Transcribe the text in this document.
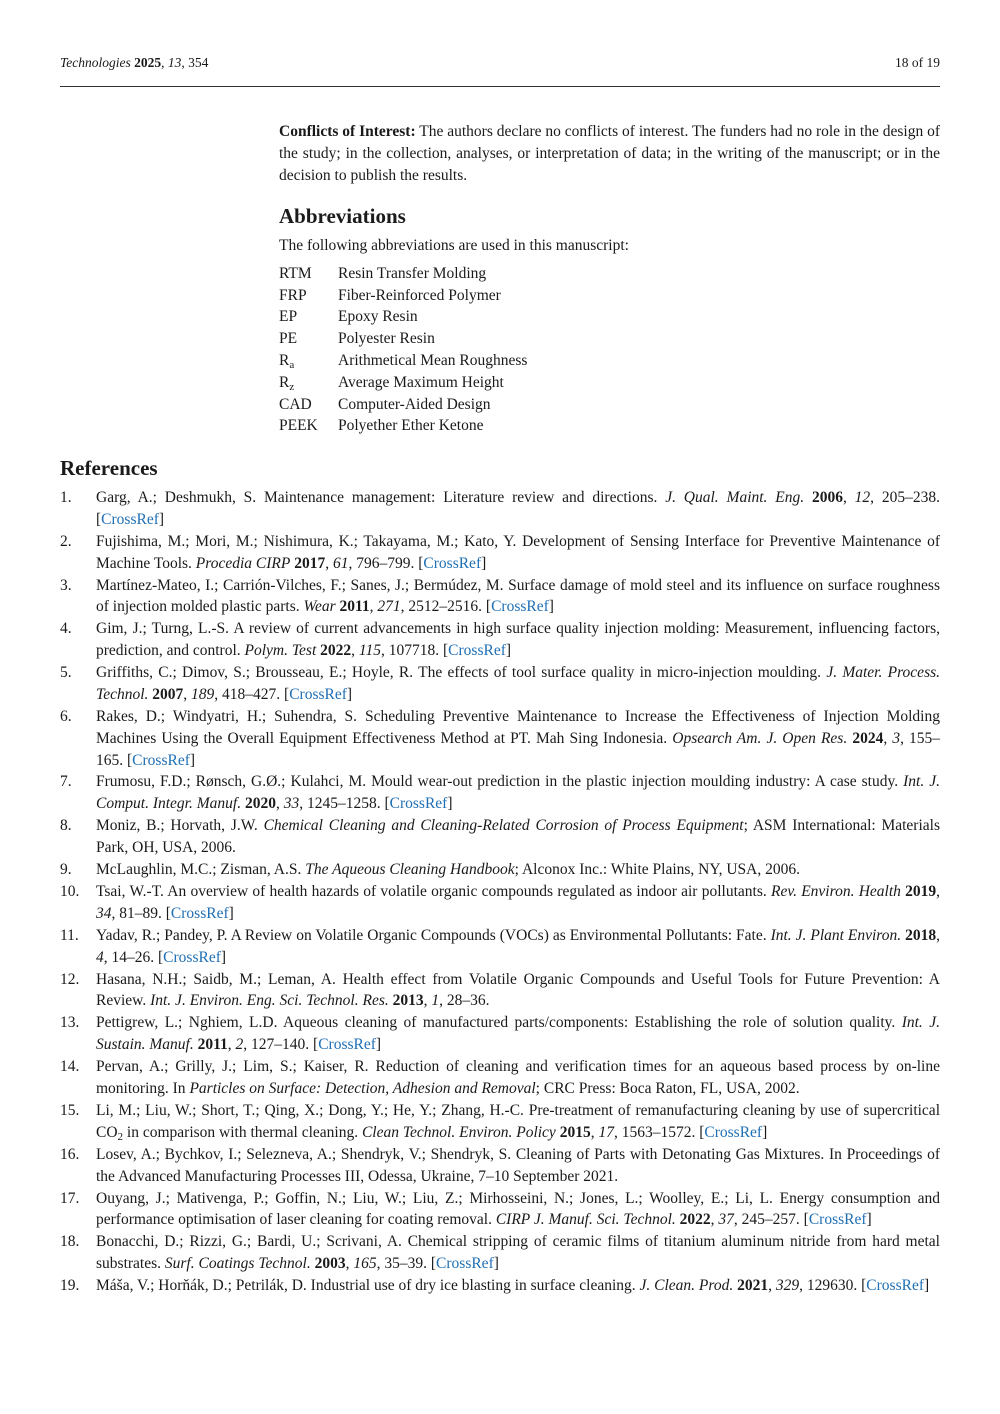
Technologies 2025, 13, 354	18 of 19
Conflicts of Interest: The authors declare no conflicts of interest. The funders had no role in the design of the study; in the collection, analyses, or interpretation of data; in the writing of the manuscript; or in the decision to publish the results.
Abbreviations
The following abbreviations are used in this manuscript:
RTM	Resin Transfer Molding
FRP	Fiber-Reinforced Polymer
EP	Epoxy Resin
PE	Polyester Resin
$R_a$	Arithmetical Mean Roughness
$R_z$	Average Maximum Height
CAD	Computer-Aided Design
PEEK	Polyether Ether Ketone
References
1. Garg, A.; Deshmukh, S. Maintenance management: Literature review and directions. J. Qual. Maint. Eng. 2006, 12, 205–238. [CrossRef]
2. Fujishima, M.; Mori, M.; Nishimura, K.; Takayama, M.; Kato, Y. Development of Sensing Interface for Preventive Maintenance of Machine Tools. Procedia CIRP 2017, 61, 796–799. [CrossRef]
3. Martínez-Mateo, I.; Carrión-Vilches, F.; Sanes, J.; Bermúdez, M. Surface damage of mold steel and its influence on surface roughness of injection molded plastic parts. Wear 2011, 271, 2512–2516. [CrossRef]
4. Gim, J.; Turng, L.-S. A review of current advancements in high surface quality injection molding: Measurement, influencing factors, prediction, and control. Polym. Test 2022, 115, 107718. [CrossRef]
5. Griffiths, C.; Dimov, S.; Brousseau, E.; Hoyle, R. The effects of tool surface quality in micro-injection moulding. J. Mater. Process. Technol. 2007, 189, 418–427. [CrossRef]
6. Rakes, D.; Windyatri, H.; Suhendra, S. Scheduling Preventive Maintenance to Increase the Effectiveness of Injection Molding Machines Using the Overall Equipment Effectiveness Method at PT. Mah Sing Indonesia. Opsearch Am. J. Open Res. 2024, 3, 155–165. [CrossRef]
7. Frumosu, F.D.; Rønsch, G.Ø.; Kulahci, M. Mould wear-out prediction in the plastic injection moulding industry: A case study. Int. J. Comput. Integr. Manuf. 2020, 33, 1245–1258. [CrossRef]
8. Moniz, B.; Horvath, J.W. Chemical Cleaning and Cleaning-Related Corrosion of Process Equipment; ASM International: Materials Park, OH, USA, 2006.
9. McLaughlin, M.C.; Zisman, A.S. The Aqueous Cleaning Handbook; Alconox Inc.: White Plains, NY, USA, 2006.
10. Tsai, W.-T. An overview of health hazards of volatile organic compounds regulated as indoor air pollutants. Rev. Environ. Health 2019, 34, 81–89. [CrossRef]
11. Yadav, R.; Pandey, P. A Review on Volatile Organic Compounds (VOCs) as Environmental Pollutants: Fate. Int. J. Plant Environ. 2018, 4, 14–26. [CrossRef]
12. Hasana, N.H.; Saidb, M.; Leman, A. Health effect from Volatile Organic Compounds and Useful Tools for Future Prevention: A Review. Int. J. Environ. Eng. Sci. Technol. Res. 2013, 1, 28–36.
13. Pettigrew, L.; Nghiem, L.D. Aqueous cleaning of manufactured parts/components: Establishing the role of solution quality. Int. J. Sustain. Manuf. 2011, 2, 127–140. [CrossRef]
14. Pervan, A.; Grilly, J.; Lim, S.; Kaiser, R. Reduction of cleaning and verification times for an aqueous based process by on-line monitoring. In Particles on Surface: Detection, Adhesion and Removal; CRC Press: Boca Raton, FL, USA, 2002.
15. Li, M.; Liu, W.; Short, T.; Qing, X.; Dong, Y.; He, Y.; Zhang, H.-C. Pre-treatment of remanufacturing cleaning by use of supercritical $CO_2$ in comparison with thermal cleaning. Clean Technol. Environ. Policy 2015, 17, 1563–1572. [CrossRef]
16. Losev, A.; Bychkov, I.; Selezneva, A.; Shendryk, V.; Shendryk, S. Cleaning of Parts with Detonating Gas Mixtures. In Proceedings of the Advanced Manufacturing Processes III, Odessa, Ukraine, 7–10 September 2021.
17. Ouyang, J.; Mativenga, P.; Goffin, N.; Liu, W.; Liu, Z.; Mirhosseini, N.; Jones, L.; Woolley, E.; Li, L. Energy consumption and performance optimisation of laser cleaning for coating removal. CIRP J. Manuf. Sci. Technol. 2022, 37, 245–257. [CrossRef]
18. Bonacchi, D.; Rizzi, G.; Bardi, U.; Scrivani, A. Chemical stripping of ceramic films of titanium aluminum nitride from hard metal substrates. Surf. Coatings Technol. 2003, 165, 35–39. [CrossRef]
19. Máša, V.; Horňák, D.; Petrilák, D. Industrial use of dry ice blasting in surface cleaning. J. Clean. Prod. 2021, 329, 129630. [CrossRef]
